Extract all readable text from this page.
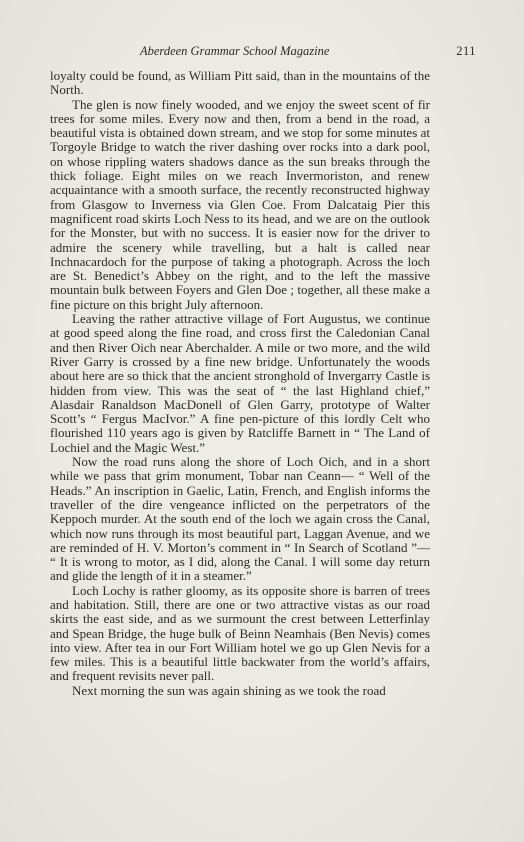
Aberdeen Grammar School Magazine	211

loyalty could be found, as William Pitt said, than in the mountains of the North.

The glen is now finely wooded, and we enjoy the sweet scent of fir trees for some miles. Every now and then, from a bend in the road, a beautiful vista is obtained down stream, and we stop for some minutes at Torgoyle Bridge to watch the river dashing over rocks into a dark pool, on whose rippling waters shadows dance as the sun breaks through the thick foliage. Eight miles on we reach Invermoriston, and renew acquaintance with a smooth surface, the recently reconstructed highway from Glasgow to Inverness via Glen Coe. From Dalcataig Pier this magnificent road skirts Loch Ness to its head, and we are on the outlook for the Monster, but with no success. It is easier now for the driver to admire the scenery while travelling, but a halt is called near Inchnacardoch for the purpose of taking a photograph. Across the loch are St. Benedict’s Abbey on the right, and to the left the massive mountain bulk between Foyers and Glen Doe ; together, all these make a fine picture on this bright July afternoon.

Leaving the rather attractive village of Fort Augustus, we continue at good speed along the fine road, and cross first the Caledonian Canal and then River Oich near Aberchalder. A mile or two more, and the wild River Garry is crossed by a fine new bridge. Unfortunately the woods about here are so thick that the ancient stronghold of Invergarry Castle is hidden from view. This was the seat of “ the last Highland chief,” Alasdair Ranaldson MacDonell of Glen Garry, prototype of Walter Scott’s “ Fergus MacIvor.” A fine pen-picture of this lordly Celt who flourished 110 years ago is given by Ratcliffe Barnett in “ The Land of Lochiel and the Magic West.”

Now the road runs along the shore of Loch Oich, and in a short while we pass that grim monument, Tobar nan Ceann— “ Well of the Heads.” An inscription in Gaelic, Latin, French, and English informs the traveller of the dire vengeance inflicted on the perpetrators of the Keppoch murder. At the south end of the loch we again cross the Canal, which now runs through its most beautiful part, Laggan Avenue, and we are reminded of H. V. Morton’s comment in “ In Search of Scotland ”— “ It is wrong to motor, as I did, along the Canal. I will some day return and glide the length of it in a steamer.”

Loch Lochy is rather gloomy, as its opposite shore is barren of trees and habitation. Still, there are one or two attractive vistas as our road skirts the east side, and as we surmount the crest between Letterfinlay and Spean Bridge, the huge bulk of Beinn Neamhais (Ben Nevis) comes into view. After tea in our Fort William hotel we go up Glen Nevis for a few miles. This is a beautiful little backwater from the world’s affairs, and frequent revisits never pall.

Next morning the sun was again shining as we took the road
